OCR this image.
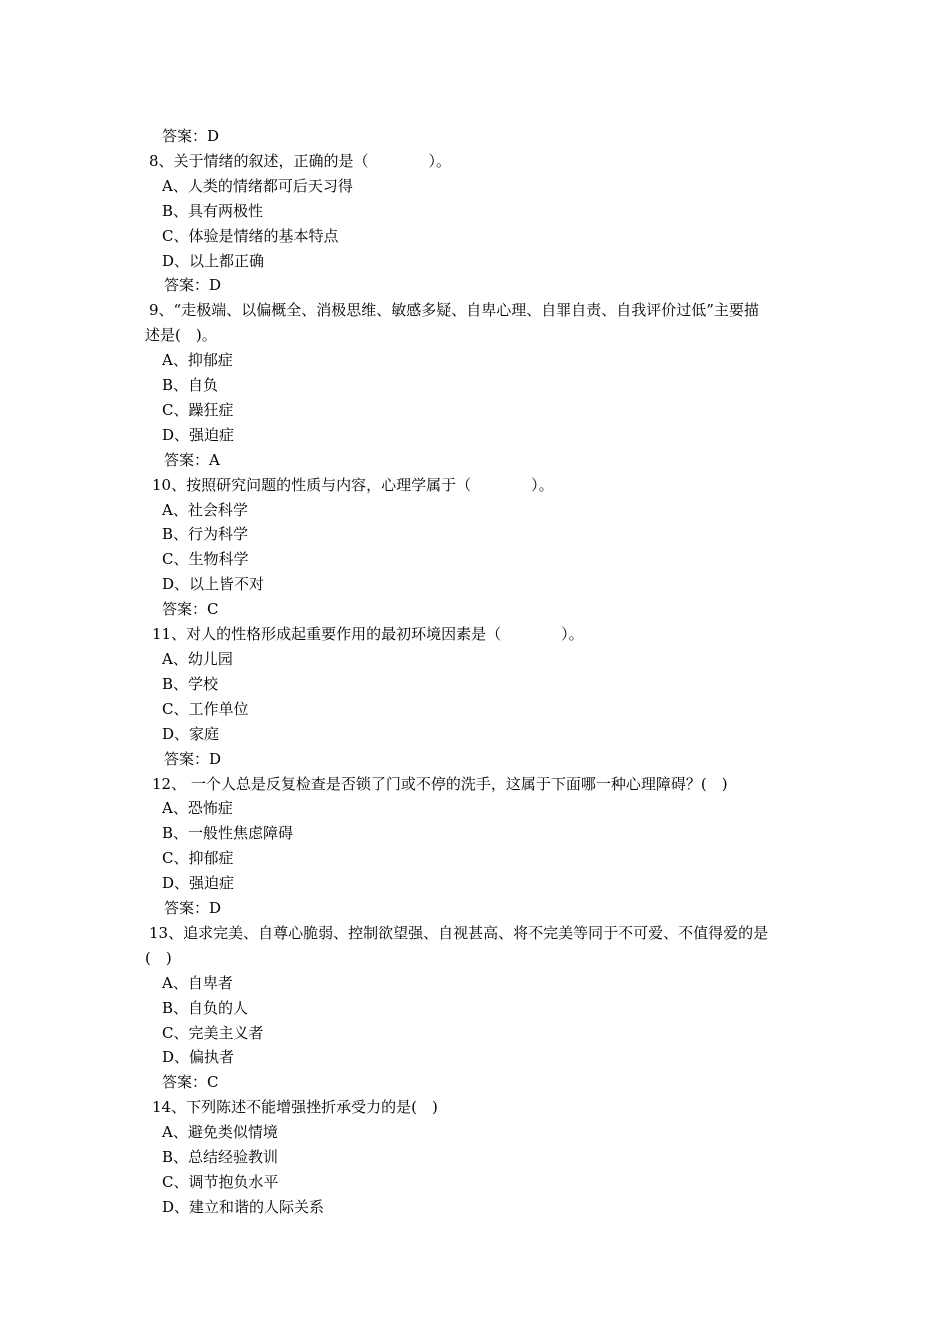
答案：D
8、关于情绪的叙述，正确的是（　　　　）。
A、人类的情绪都可后天习得
B、具有两极性
C、体验是情绪的基本特点
D、以上都正确
答案：D
9、“走极端、以偏概全、消极思维、敏感多疑、自卑心理、自罪自责、自我评价过低”主要描
述是(　)。
A、抑郁症
B、自负
C、躁狂症
D、强迫症
答案：A
10、按照研究问题的性质与内容，心理学属于（　　　　）。
A、社会科学
B、行为科学
C、生物科学
D、以上皆不对
答案：C
11、对人的性格形成起重要作用的最初环境因素是（　　　　）。
A、幼儿园
B、学校
C、工作单位
D、家庭
答案：D
12、 一个人总是反复检查是否锁了门或不停的洗手，这属于下面哪一种心理障碍？(　)
A、恐怖症
B、一般性焦虑障碍
C、抑郁症
D、强迫症
答案：D
13、追求完美、自尊心脆弱、控制欲望强、自视甚高、将不完美等同于不可爱、不值得爱的是
(　)
A、自卑者
B、自负的人
C、完美主义者
D、偏执者
答案：C
14、下列陈述不能增强挫折承受力的是(　)
A、避免类似情境
B、总结经验教训
C、调节抱负水平
D、建立和谐的人际关系
